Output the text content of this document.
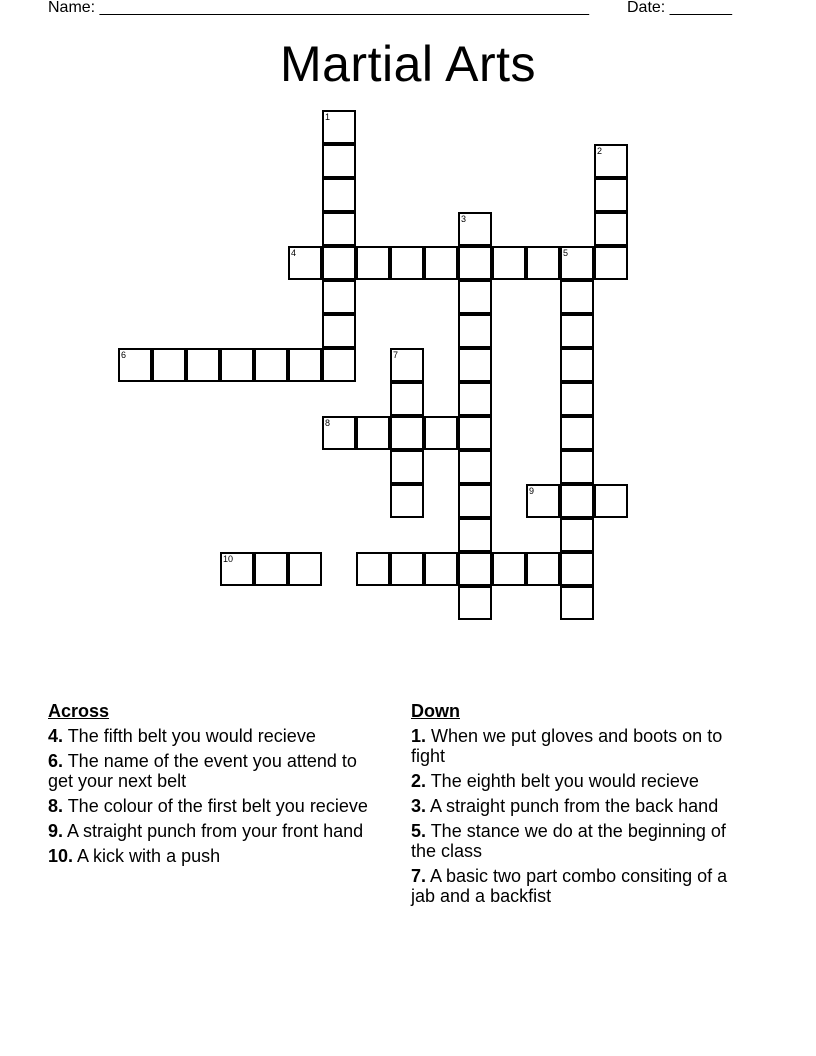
Name: _______________________________________________________ Date: _______
Martial Arts
1
2
3
4	5
6	7
8
9
10
Across
4. The fifth belt you would recieve
6. The name of the event you attend to get your next belt
8. The colour of the first belt you recieve
9. A straight punch from your front hand
10. A kick with a push
Down
1. When we put gloves and boots on to fight
2. The eighth belt you would recieve
3. A straight punch from the back hand
5. The stance we do at the beginning of the class
7. A basic two part combo consiting of a jab and a backfist
